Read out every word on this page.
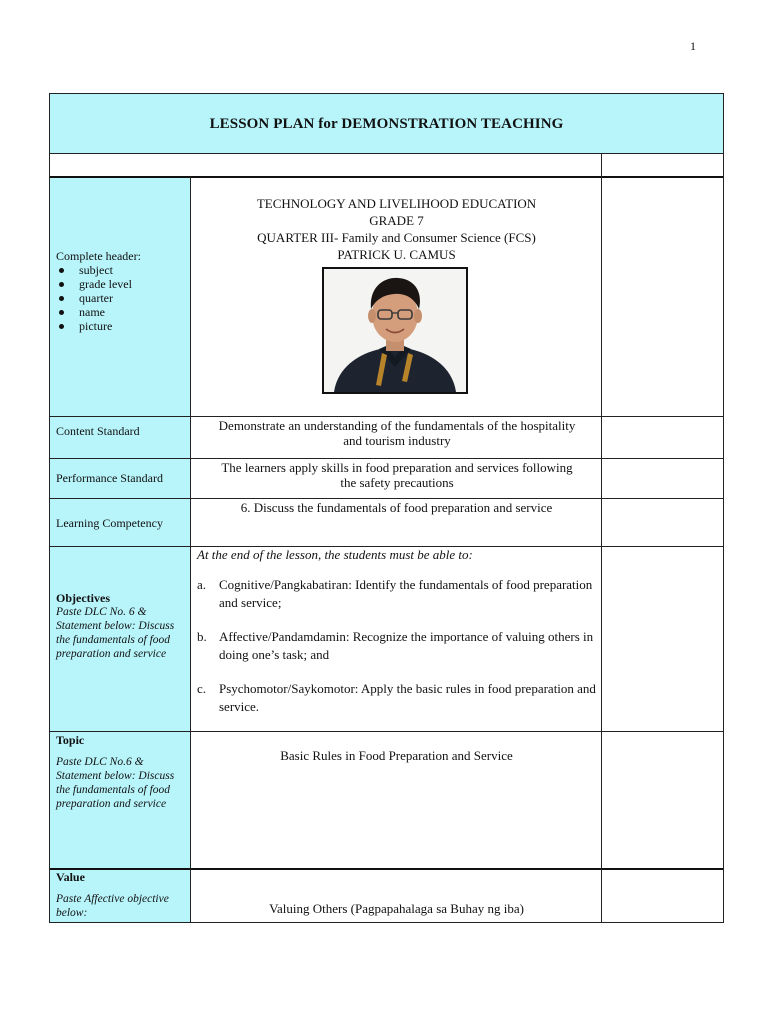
1
LESSON PLAN for DEMONSTRATION TEACHING
Complete header:
subject
grade level
quarter
name
picture
TECHNOLOGY AND LIVELIHOOD EDUCATION
GRADE 7
QUARTER III- Family and Consumer Science (FCS)
PATRICK U. CAMUS
Content Standard	Demonstrate an understanding of the fundamentals of the hospitality and tourism industry
Performance Standard
The learners apply skills in food preparation and services following the safety precautions
Learning Competency
6. Discuss the fundamentals of food preparation and service
Objectives
Paste DLC No. 6 & Statement below: Discuss the fundamentals of food preparation and service
At the end of the lesson, the students must be able to:
a. Cognitive/Pangkabatiran: Identify the fundamentals of food preparation and service;
b. Affective/Pandamdamin: Recognize the importance of valuing others in doing one’s task; and
c. Psychomotor/Saykomotor: Apply the basic rules in food preparation and service.
Topic
Paste DLC No.6 & Statement below: Discuss the fundamentals of food preparation and service
Basic Rules in Food Preparation and Service
Value
Paste Affective objective below:	Valuing Others (Pagpapahalaga sa Buhay ng iba)
